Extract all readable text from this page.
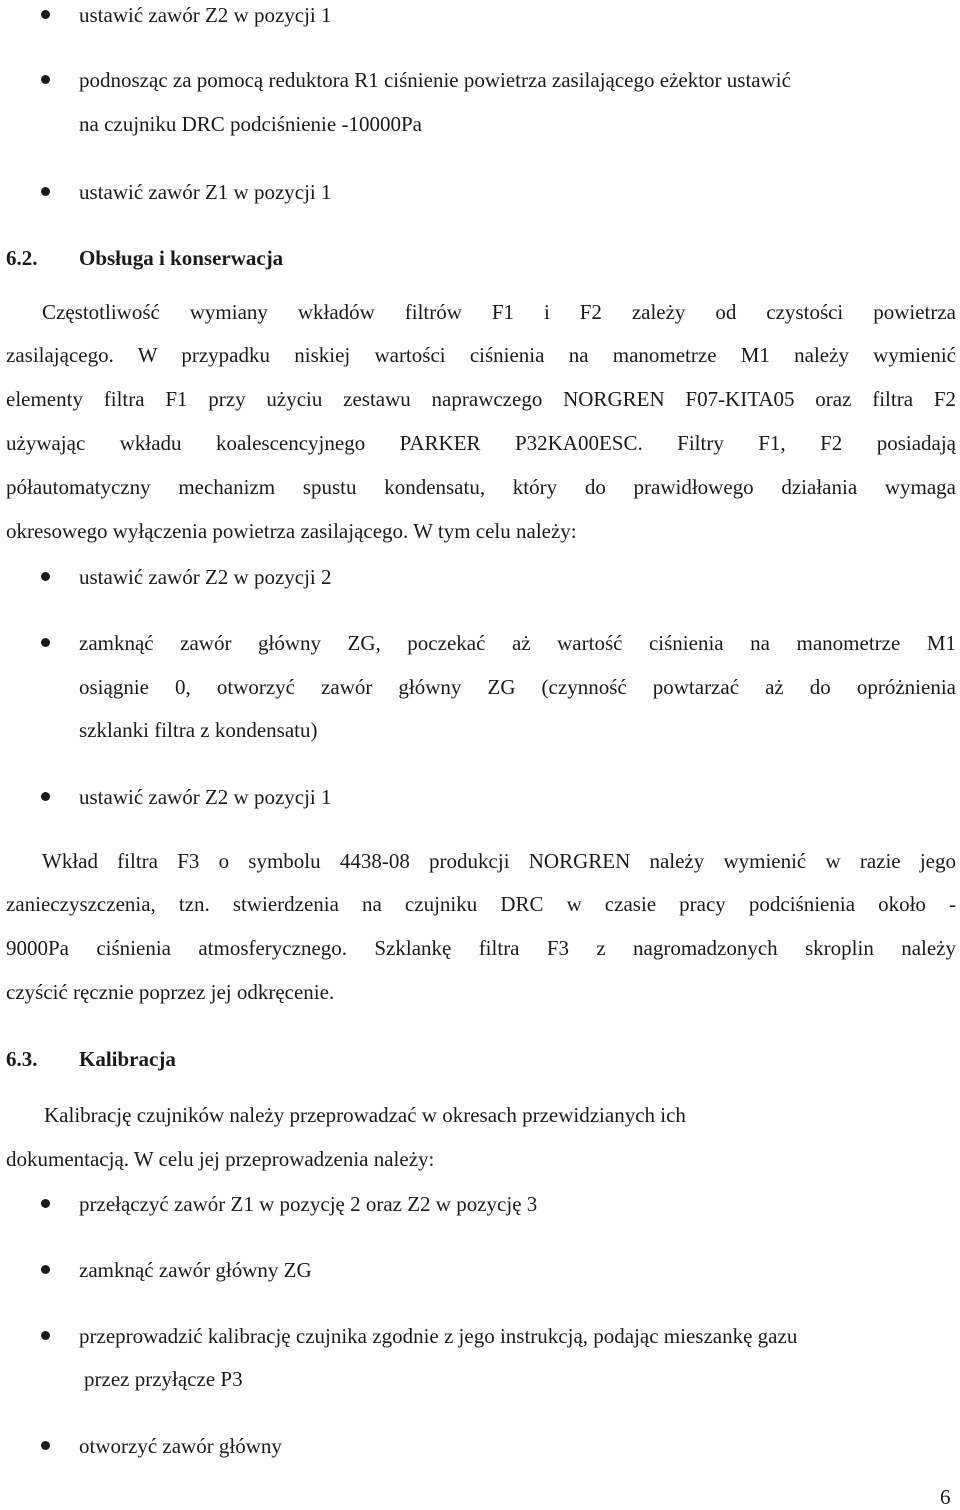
ustawić zawór Z2 w pozycji 1
podnosząc za pomocą reduktora R1 ciśnienie powietrza zasilającego eżektor ustawić
na czujniku DRC podciśnienie -10000Pa
ustawić zawór Z1 w pozycji 1
6.2. Obsługa i konserwacja
Częstotliwość wymiany wkładów filtrów F1 i F2 zależy od czystości powietrza
zasilającego. W przypadku niskiej wartości ciśnienia na manometrze M1 należy wymienić
elementy filtra F1 przy użyciu zestawu naprawczego NORGREN F07-KITA05 oraz filtra F2
używając wkładu koalescencyjnego PARKER P32KA00ESC. Filtry F1, F2 posiadają
półautomatyczny mechanizm spustu kondensatu, który do prawidłowego działania wymaga
okresowego wyłączenia powietrza zasilającego. W tym celu należy:
ustawić zawór Z2 w pozycji 2
zamknąć zawór główny ZG, poczekać aż wartość ciśnienia na manometrze M1
osiągnie 0, otworzyć zawór główny ZG (czynność powtarzać aż do opróżnienia
szklanki filtra z kondensatu)
ustawić zawór Z2 w pozycji 1
Wkład filtra F3 o symbolu 4438-08 produkcji NORGREN należy wymienić w razie jego
zanieczyszczenia, tzn. stwierdzenia na czujniku DRC w czasie pracy podciśnienia około -
9000Pa ciśnienia atmosferycznego. Szklankę filtra F3 z nagromadzonych skroplin należy
czyścić ręcznie poprzez jej odkręcenie.
6.3. Kalibracja
Kalibrację czujników należy przeprowadzać w okresach przewidzianych ich
dokumentacją. W celu jej przeprowadzenia należy:
przełączyć zawór Z1 w pozycję 2 oraz Z2 w pozycję 3
zamknąć zawór główny ZG
przeprowadzić kalibrację czujnika zgodnie z jego instrukcją, podając mieszankę gazu
przez przyłącze P3
otworzyć zawór główny
6
